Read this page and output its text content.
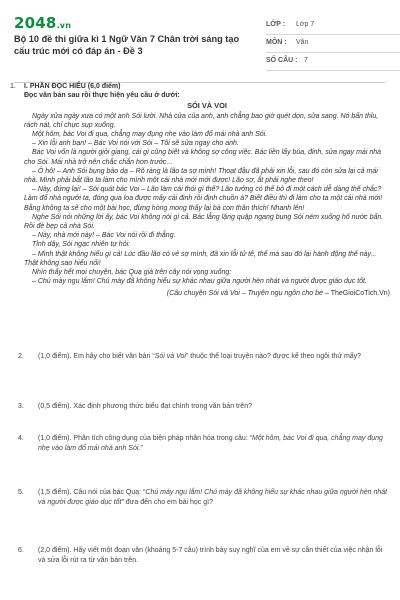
2048.vn
Bộ 10 đề thi giữa kì 1 Ngữ Văn 7 Chân trời sáng tạo cấu trúc mới có đáp án - Đề 3
LỚP : Lớp 7
MÔN : Văn
SỐ CÂU : 7
1. I. PHẦN ĐỌC HIỂU (6,0 điểm)
Đọc văn bản sau rồi thực hiện yêu cầu ở dưới:
SÓI VÀ VOI

Ngày xửa ngày xưa có một anh Sói lười. Nhà cửa của anh, anh chẳng bao giờ quét dọn, sửa sang. Nó bẩn thỉu, rách nát, chỉ chực sụp xuống.

Một hôm, bác Voi đi qua, chẳng may đụng nhẹ vào làm đổ mái nhà anh Sói.

– Xin lỗi anh bạn! – Bác Voi nói với Sói – Tôi sẽ sửa ngay cho anh.

Bác Voi vốn là người giỏi giang, cái gì cũng biết và không sợ công việc. Bác liền lấy búa, đinh, sửa ngay mái nhà cho Sói. Mái nhà trở nên chắc chắn hơn trước...

– Ô hô! – Anh Sói bụng bảo dạ – Rõ ràng là lão ta sợ mình! Thoạt đầu đã phải xin lỗi, sau đó còn sửa lại cả mái nhà. Mình phải bắt lão ta làm cho mình một cái nhà mới mới được! Lão sợ, ắt phải nghe theo!

– Này, đứng lại! – Sói quát bác Voi – Lão làm cái thói gì thế? Lão tưởng có thể bỏ đi một cách dễ dàng thế chắc? Làm đổ nhà người ta, đóng qua loa được mấy cái đinh rồi định chuồn à? Biết điều thì đi làm cho ta một cái nhà mới! Bằng không ta sẽ cho một bài học, đừng hòng mong thấy lại bà con thân thích! Nhanh lên!

Nghe Sói nói những lời ấy, bác Voi không nói gì cả. Bác lẳng lặng quặp ngang bụng Sói ném xuống hố nước bẩn. Rồi đè bẹp cả nhà Sói.

– Này, nhà mới này! – Bác Voi nói rồi đi thẳng.

Tỉnh dậy, Sói ngạc nhiên tự hỏi:

– Mình thật không hiểu gì cả! Lúc đầu lão có vẻ sợ mình, đã xin lỗi tử tế, thế mà sau đó lại hành động thế này... Thật không sao hiểu nổi!

Nhìn thấy hết mọi chuyện, bác Quạ già trên cây nói vọng xuống:

– Chú mày ngu lắm! Chú mày đã không hiểu sự khác nhau giữa người hèn nhát và người được giáo dục tốt.

(Câu chuyện Sói và Voi – Truyện ngụ ngôn cho bé – TheGioiCoTich.Vn)

2.	(1,0 điểm). Em hãy cho biết văn bản “Sói và Voi” thuộc thể loại truyện nào? được kể theo ngôi thứ mấy?
3.	(0,5 điểm). Xác định phương thức biểu đạt chính trong văn bản trên?
4.	(1,0 điểm). Phân tích công dụng của biện pháp nhân hóa trong câu: “Một hôm, bác Voi đi qua, chẳng may đụng nhẹ vào làm đổ mái nhà anh Sói.”
5.	(1,5 điểm). Câu nói của bác Quạ: “Chú mày ngu lắm! Chú mày đã không hiểu sự khác nhau giữa người hèn nhát và người được giáo dục tốt” đưa đến cho em bài học gì?
6.	(2,0 điểm). Hãy viết một đoạn văn (khoảng 5-7 câu) trình bày suy nghĩ của em về sự cần thiết của việc nhận lỗi và sửa lỗi rút ra từ văn bản trên.
